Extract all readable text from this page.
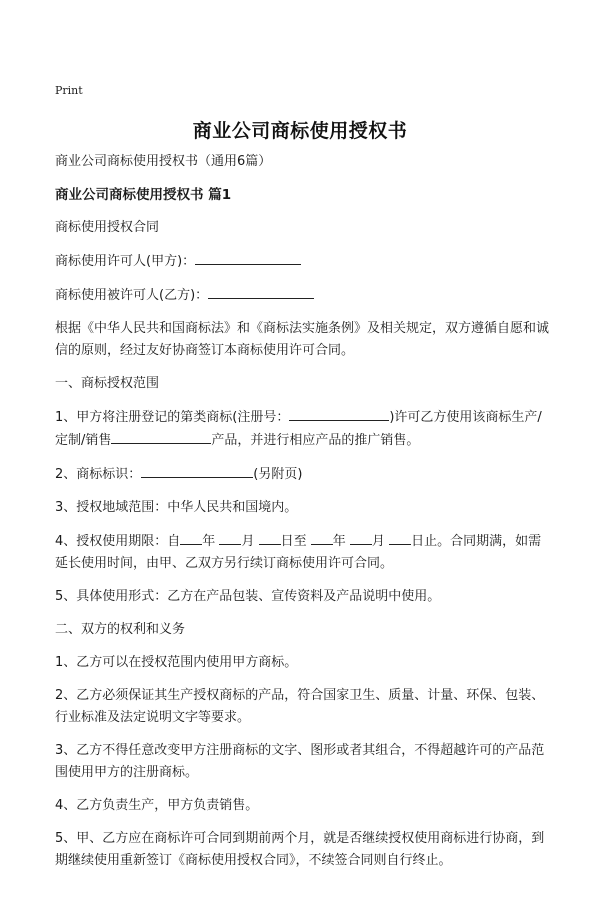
Print
商业公司商标使用授权书

商业公司商标使用授权书（通用6篇）

商业公司商标使用授权书 篇1

商标使用授权合同

商标使用许可人(甲方)：

商标使用被许可人(乙方)：

根据《中华人民共和国商标法》和《商标法实施条例》及相关规定，双方遵循自愿和诚信的原则，经过友好协商签订本商标使用许可合同。

一、商标授权范围

1、甲方将注册登记的第类商标(注册号：	)许可乙方使用该商标生产/定制/销售	产品，并进行相应产品的推广销售。

2、商标标识：	(另附页)

3、授权地域范围：中华人民共和国境内。

4、授权使用期限：自 年 月 日至 年 月 日止。合同期满，如需延长使用时间，由甲、乙双方另行续订商标使用许可合同。

5、具体使用形式：乙方在产品包装、宣传资料及产品说明中使用。

二、双方的权利和义务

1、乙方可以在授权范围内使用甲方商标。

2、乙方必须保证其生产授权商标的产品，符合国家卫生、质量、计量、环保、包装、行业标准及法定说明文字等要求。

3、乙方不得任意改变甲方注册商标的文字、图形或者其组合，不得超越许可的产品范围使用甲方的注册商标。

4、乙方负责生产，甲方负责销售。

5、甲、乙方应在商标许可合同到期前两个月，就是否继续授权使用商标进行协商，到期继续使用重新签订《商标使用授权合同》，不续签合同则自行终止。
